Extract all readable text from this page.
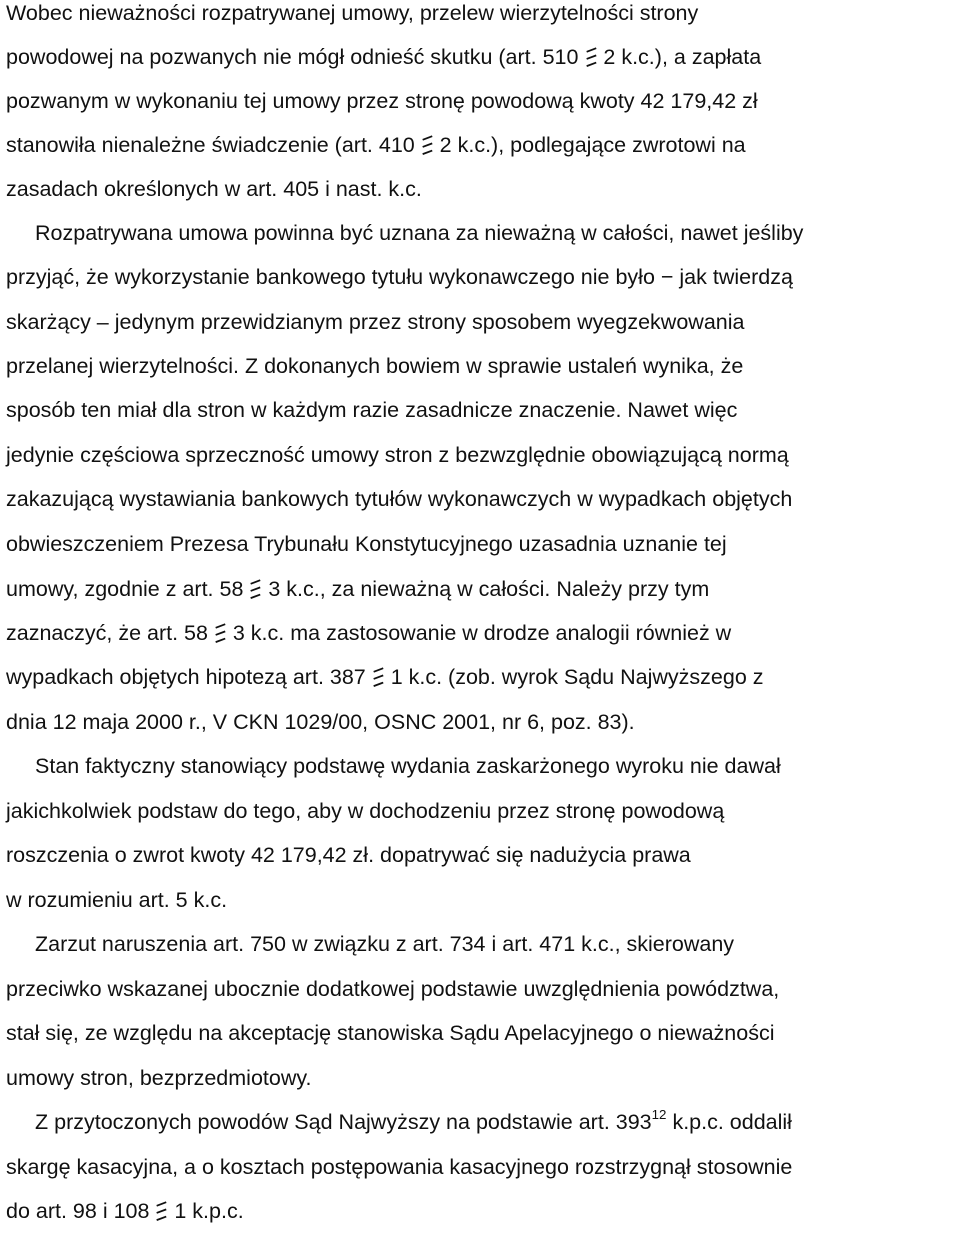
Wobec nieważności rozpatrywanej umowy, przelew wierzytelności strony
powodowej na pozwanych nie mógł odnieść skutku (art. 510 2 k.c.), a zapłata
pozwanym w wykonaniu tej umowy przez stronę powodową kwoty 42 179,42 zł
stanowiła nienależne świadczenie (art. 410 2 k.c.), podlegające zwrotowi na
zasadach określonych w art. 405 i nast. k.c.
Rozpatrywana umowa powinna być uznana za nieważną w całości, nawet jeśliby
przyjąć, że wykorzystanie bankowego tytułu wykonawczego nie było − jak twierdzą
skarżący – jedynym przewidzianym przez strony sposobem wyegzekwowania
przelanej wierzytelności. Z dokonanych bowiem w sprawie ustaleń wynika, że
sposób ten miał dla stron w każdym razie zasadnicze znaczenie. Nawet więc
jedynie częściowa sprzeczność umowy stron z bezwzględnie obowiązującą normą
zakazującą wystawiania bankowych tytułów wykonawczych w wypadkach objętych
obwieszczeniem Prezesa Trybunału Konstytucyjnego uzasadnia uznanie tej
umowy, zgodnie z art. 58 3 k.c., za nieważną w całości. Należy przy tym
zaznaczyć, że art. 58 3 k.c. ma zastosowanie w drodze analogii również w
wypadkach objętych hipotezą art. 387 1 k.c. (zob. wyrok Sądu Najwyższego z
dnia 12 maja 2000 r., V CKN 1029/00, OSNC 2001, nr 6, poz. 83).
Stan faktyczny stanowiący podstawę wydania zaskarżonego wyroku nie dawał
jakichkolwiek podstaw do tego, aby w dochodzeniu przez stronę powodową
roszczenia o zwrot kwoty 42 179,42 zł. dopatrywać się nadużycia prawa
w rozumieniu art. 5 k.c.
Zarzut naruszenia art. 750 w związku z art. 734 i art. 471 k.c., skierowany
przeciwko wskazanej ubocznie dodatkowej podstawie uwzględnienia powództwa,
stał się, ze względu na akceptację stanowiska Sądu Apelacyjnego o nieważności
umowy stron, bezprzedmiotowy.
Z przytoczonych powodów Sąd Najwyższy na podstawie art. $393^{12}$ k.p.c. oddalił
skargę kasacyjna, a o kosztach postępowania kasacyjnego rozstrzygnął stosownie
do art. 98 i 108 1 k.p.c.
